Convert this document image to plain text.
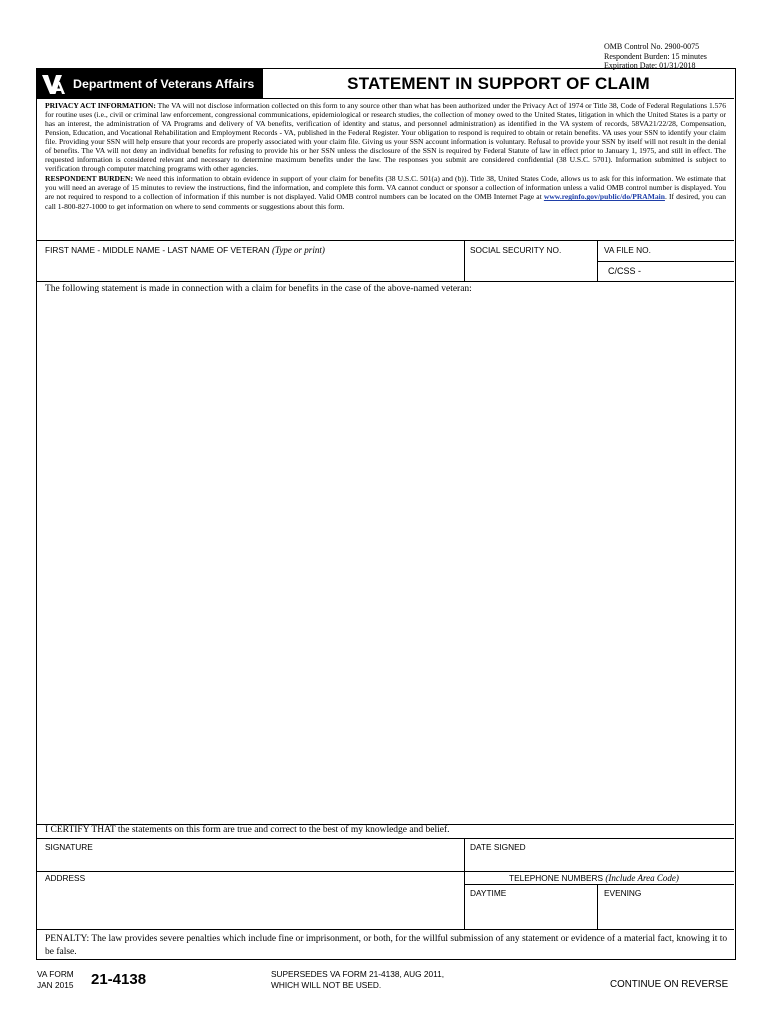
OMB Control No. 2900-0075
Respondent Burden: 15 minutes
Expiration Date: 01/31/2018
Department of Veterans Affairs	STATEMENT IN SUPPORT OF CLAIM

PRIVACY ACT INFORMATION: The VA will not disclose information collected on this form to any source other than what has been authorized under the Privacy Act of 1974 or Title 38, Code of Federal Regulations 1.576 for routine uses (i.e., civil or criminal law enforcement, congressional communications, epidemiological or research studies, the collection of money owed to the United States, litigation in which the United States is a party or has an interest, the administration of VA Programs and delivery of VA benefits, verification of identity and status, and personnel administration) as identified in the VA system of records, 58VA21/22/28, Compensation, Pension, Education, and Vocational Rehabilitation and Employment Records - VA, published in the Federal Register. Your obligation to respond is required to obtain or retain benefits. VA uses your SSN to identify your claim file. Providing your SSN will help ensure that your records are properly associated with your claim file. Giving us your SSN account information is voluntary. Refusal to provide your SSN by itself will not result in the denial of benefits. The VA will not deny an individual benefits for refusing to provide his or her SSN unless the disclosure of the SSN is required by Federal Statute of law in effect prior to January 1, 1975, and still in effect. The requested information is considered relevant and necessary to determine maximum benefits under the law. The responses you submit are considered confidential (38 U.S.C. 5701). Information submitted is subject to verification through computer matching programs with other agencies.

RESPONDENT BURDEN: We need this information to obtain evidence in support of your claim for benefits (38 U.S.C. 501(a) and (b)). Title 38, United States Code, allows us to ask for this information. We estimate that you will need an average of 15 minutes to review the instructions, find the information, and complete this form. VA cannot conduct or sponsor a collection of information unless a valid OMB control number is displayed. You are not required to respond to a collection of information if this number is not displayed. Valid OMB control numbers can be located on the OMB Internet Page at www.reginfo.gov/public/do/PRAMain. If desired, you can call 1-800-827-1000 to get information on where to send comments or suggestions about this form.

FIRST NAME - MIDDLE NAME - LAST NAME OF VETERAN (Type or print)	SOCIAL SECURITY NO.	VA FILE NO.
C/CSS -
The following statement is made in connection with a claim for benefits in the case of the above-named veteran:
I CERTIFY THAT the statements on this form are true and correct to the best of my knowledge and belief.
SIGNATURE	DATE SIGNED
ADDRESS	TELEPHONE NUMBERS (Include Area Code)
DAYTIME	EVENING
PENALTY: The law provides severe penalties which include fine or imprisonment, or both, for the willful submission of any statement or evidence of a material fact, knowing it to be false.
VA FORM
JAN 2015 21-4138	SUPERSEDES VA FORM 21-4138, AUG 2011,
WHICH WILL NOT BE USED.	CONTINUE ON REVERSE
